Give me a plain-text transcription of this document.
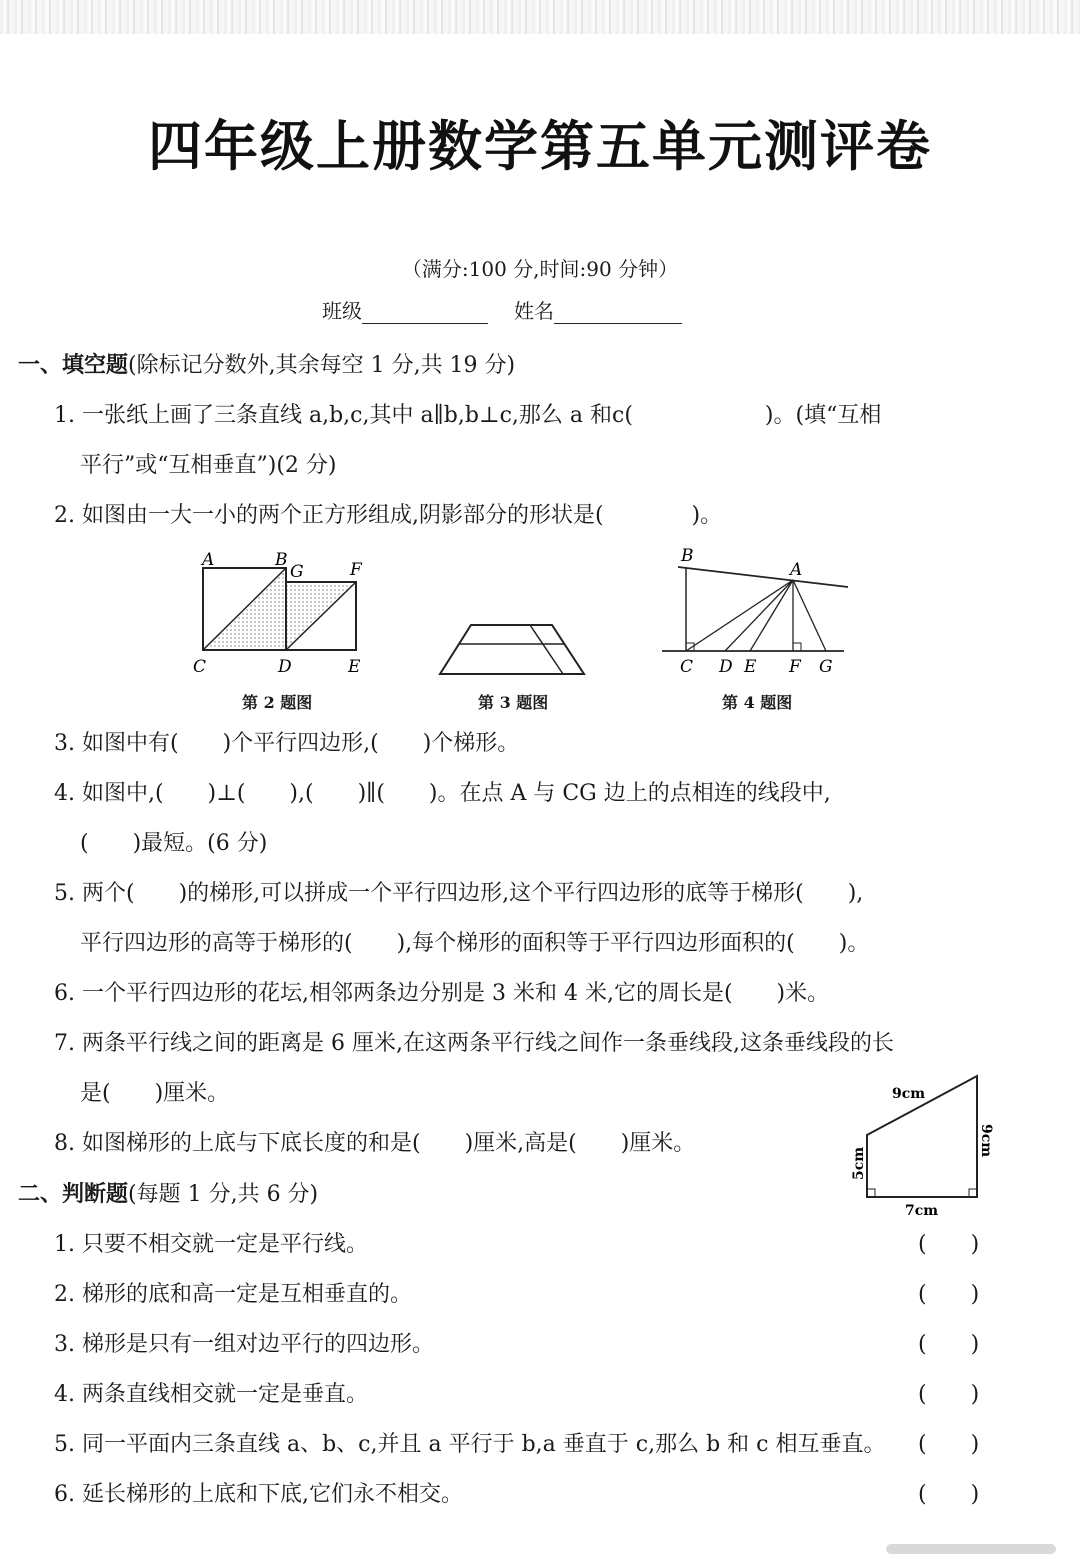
四年级上册数学第五单元测评卷
（满分:100 分,时间:90 分钟）
班级	姓名
一、填空题(除标记分数外,其余每空 1 分,共 19 分)
1. 一张纸上画了三条直线 a,b,c,其中 a∥b,b⊥c,那么 a 和c(　　　　　　)。(填“互相
平行”或“互相垂直”)(2 分)
2. 如图由一大一小的两个正方形组成,阴影部分的形状是(　　　　)。
A	B
G	F
C	D	E
第 2 题图	第 3 题图
B
A
C D E F G
第 4 题图
3. 如图中有(　　)个平行四边形,(　　)个梯形。
4. 如图中,(　　)⊥(　　),(　　)∥(　　)。在点 A 与 CG 边上的点相连的线段中,
(　　)最短。(6 分)
5. 两个(　　)的梯形,可以拼成一个平行四边形,这个平行四边形的底等于梯形(　　),
平行四边形的高等于梯形的(　　),每个梯形的面积等于平行四边形面积的(　　)。
6. 一个平行四边形的花坛,相邻两条边分别是 3 米和 4 米,它的周长是(　　)米。
7. 两条平行线之间的距离是 6 厘米,在这两条平行线之间作一条垂线段,这条垂线段的长
是(　　)厘米。
8. 如图梯形的上底与下底长度的和是(　　)厘米,高是(　　)厘米。
9cm
7cm
5cm
9cm
二、判断题(每题 1 分,共 6 分)
1. 只要不相交就一定是平行线。	(　　)
2. 梯形的底和高一定是互相垂直的。	(　　)
3. 梯形是只有一组对边平行的四边形。	(　　)
4. 两条直线相交就一定是垂直。	(　　)
5. 同一平面内三条直线 a、b、c,并且 a 平行于 b,a 垂直于 c,那么 b 和 c 相互垂直。 (　　)
6. 延长梯形的上底和下底,它们永不相交。	(　　)
